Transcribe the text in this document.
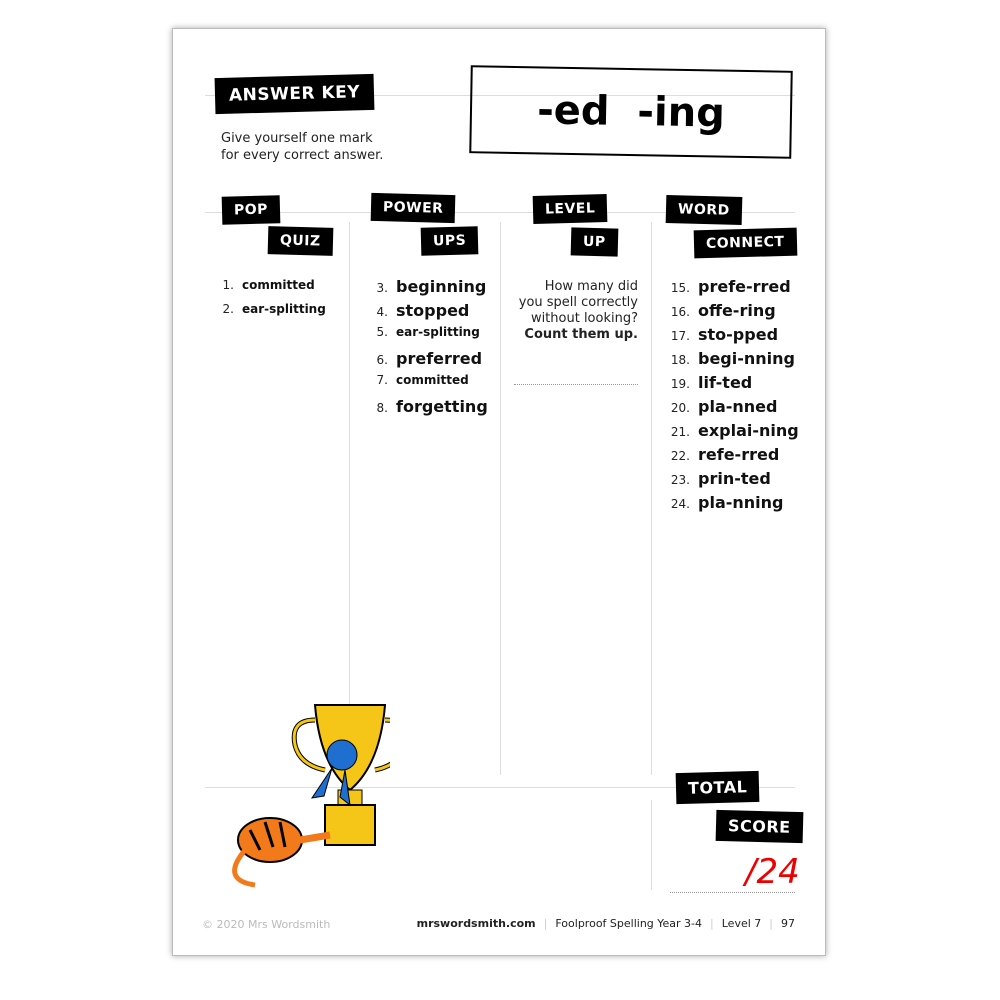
ANSWER KEY
Give yourself one mark
for every correct answer.
-ed  -ing
POP
QUIZ
POWER
UPS
LEVEL
UP
WORD
CONNECT
1. committed
2. ear-splitting
3. beginning
4. stopped
5. ear-splitting
6. preferred
7. committed
8. forgetting
How many did
you spell correctly
without looking?
Count them up.
15. prefe-rred
16. offe-ring
17. sto-pped
18. begi-nning
19. lif-ted
20. pla-nned
21. explai-ning
22. refe-rred
23. prin-ted
24. pla-nning
TOTAL
SCORE
/24
© 2020 Mrs Wordsmith	mrswordsmith.com | Foolproof Spelling Year 3-4 | Level 7 | 97
